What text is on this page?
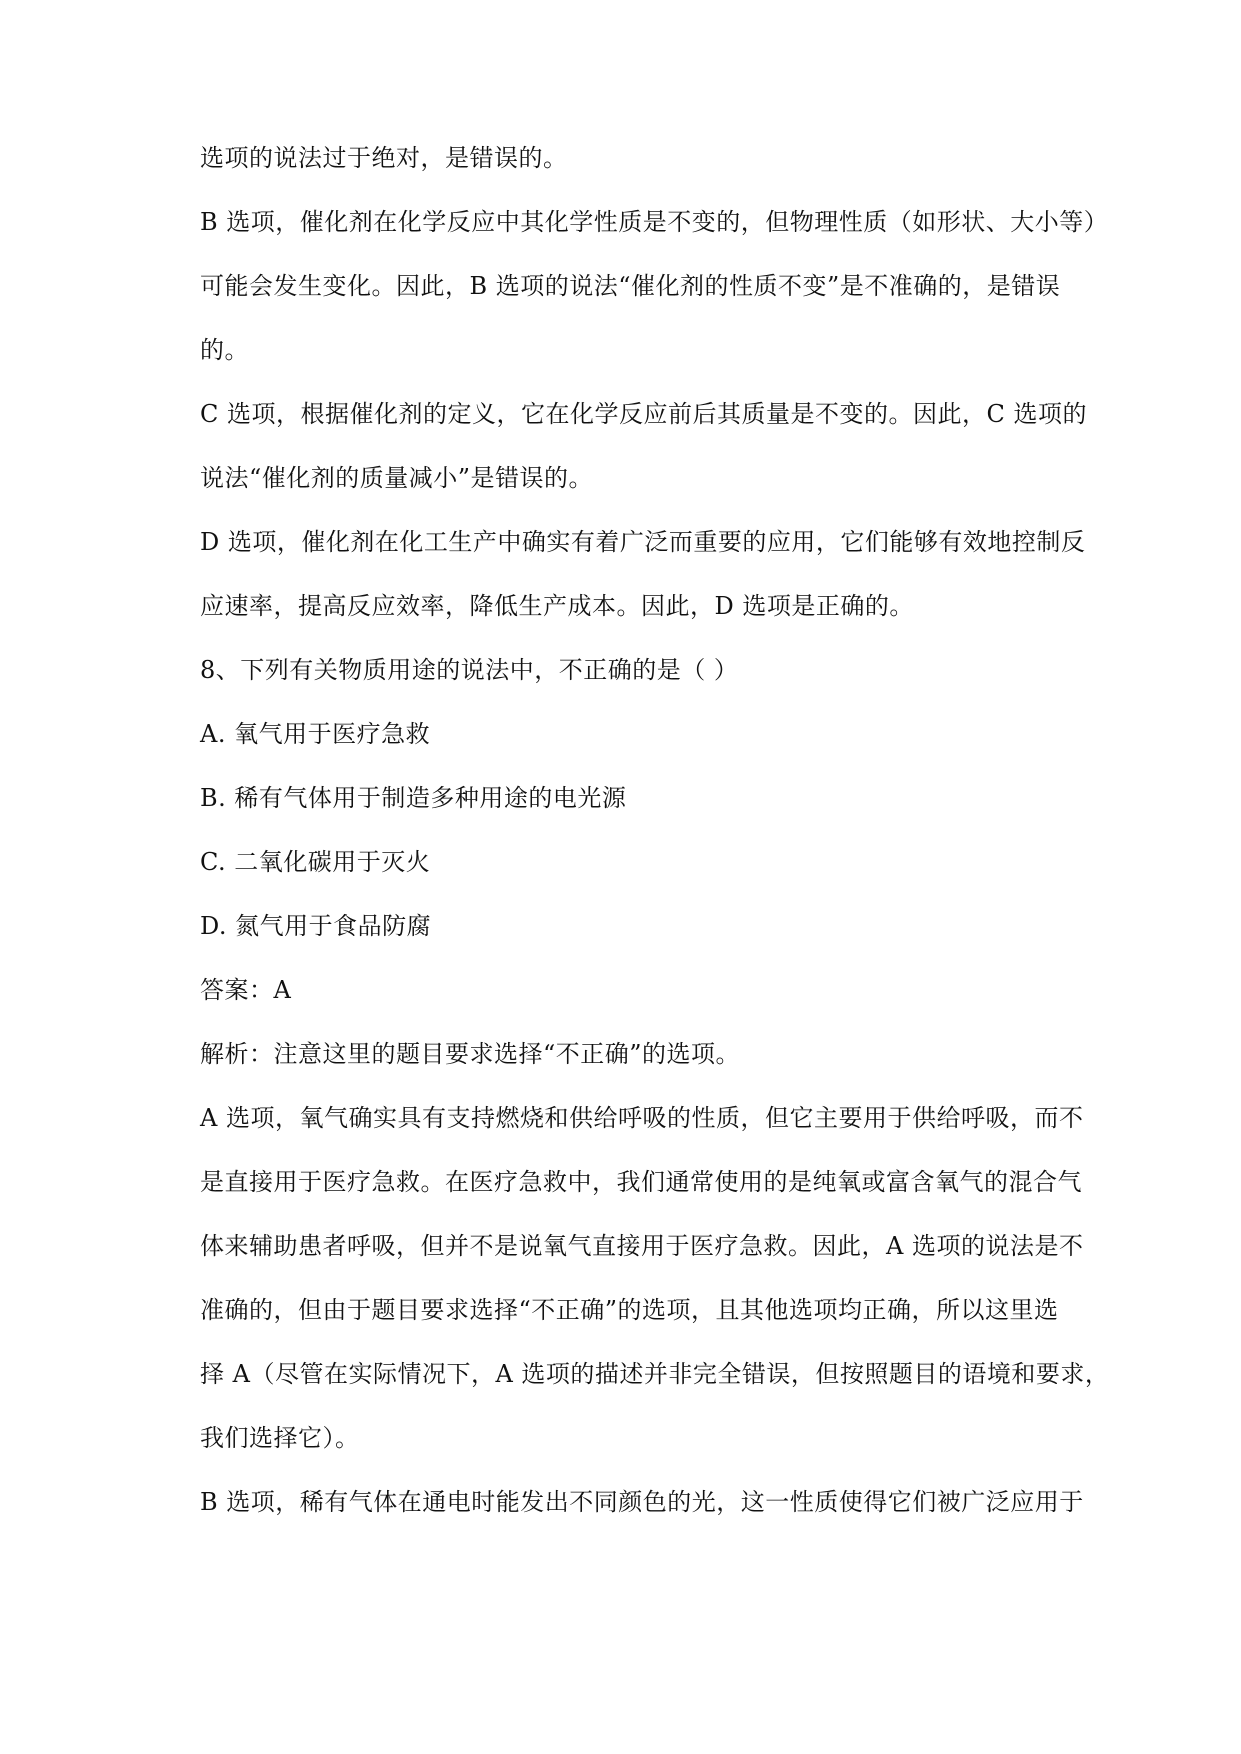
选项的说法过于绝对，是错误的。
B 选项，催化剂在化学反应中其化学性质是不变的，但物理性质（如形状、大小等）
可能会发生变化。因此，B 选项的说法“催化剂的性质不变”是不准确的，是错误
的。
C 选项，根据催化剂的定义，它在化学反应前后其质量是不变的。因此，C 选项的
说法“催化剂的质量减小”是错误的。
D 选项，催化剂在化工生产中确实有着广泛而重要的应用，它们能够有效地控制反
应速率，提高反应效率，降低生产成本。因此，D 选项是正确的。
8、下列有关物质用途的说法中，不正确的是（ ）
A. 氧气用于医疗急救
B. 稀有气体用于制造多种用途的电光源
C. 二氧化碳用于灭火
D. 氮气用于食品防腐
答案：A
解析：注意这里的题目要求选择“不正确”的选项。
A 选项，氧气确实具有支持燃烧和供给呼吸的性质，但它主要用于供给呼吸，而不
是直接用于医疗急救。在医疗急救中，我们通常使用的是纯氧或富含氧气的混合气
体来辅助患者呼吸，但并不是说氧气直接用于医疗急救。因此，A 选项的说法是不
准确的，但由于题目要求选择“不正确”的选项，且其他选项均正确，所以这里选
择 A（尽管在实际情况下，A 选项的描述并非完全错误，但按照题目的语境和要求，
我们选择它）。
B 选项，稀有气体在通电时能发出不同颜色的光，这一性质使得它们被广泛应用于
